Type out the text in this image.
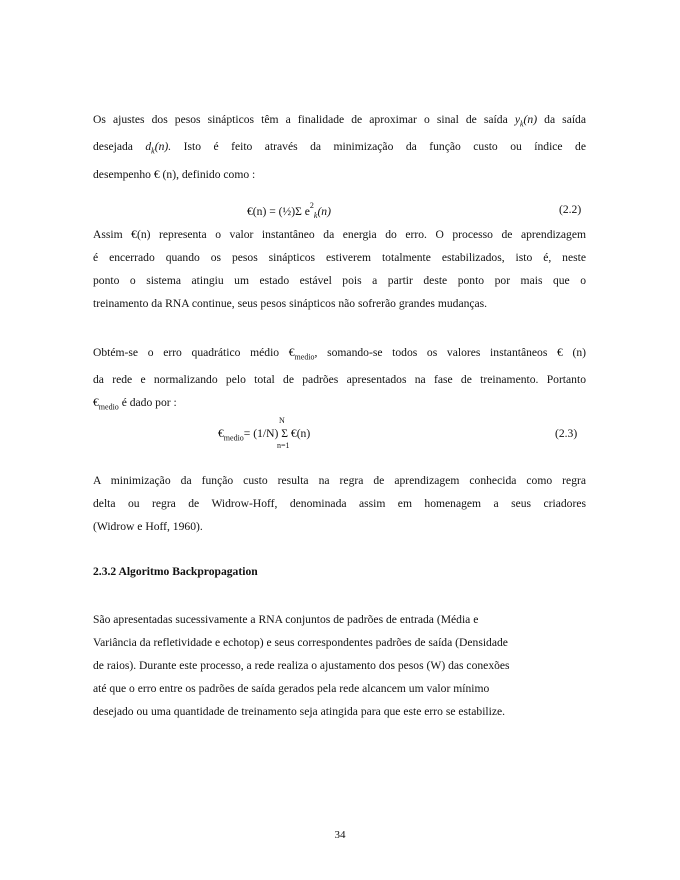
Os ajustes dos pesos sinápticos têm a finalidade de aproximar o sinal de saída $y_k(n)$ da saída
desejada $d_k(n)$. Isto é feito através da minimização da função custo ou índice de
desempenho € (n), definido como :
€(n) = (½)Σ $e^2_k(n)$	(2.2)
Assim €(n) representa o valor instantâneo da energia do erro. O processo de aprendizagem
é encerrado quando os pesos sinápticos estiverem totalmente estabilizados, isto é, neste
ponto o sistema atingiu um estado estável pois a partir deste ponto por mais que o
treinamento da RNA continue, seus pesos sinápticos não sofrerão grandes mudanças.
Obtém-se o erro quadrático médio $€_{medio}$, somando-se todos os valores instantâneos € (n)
da rede e normalizando pelo total de padrões apresentados na fase de treinamento. Portanto
$€_{medio}$ é dado por :
N
$€_{medio}= (1/N)$ Σ €(n)
n=1
(2.3)
A minimização da função custo resulta na regra de aprendizagem conhecida como regra
delta ou regra de Widrow-Hoff, denominada assim em homenagem a seus criadores
(Widrow e Hoff, 1960).
2.3.2 Algoritmo Backpropagation
São apresentadas sucessivamente a RNA conjuntos de padrões de entrada (Média e
Variância da refletividade e echotop) e seus correspondentes padrões de saída (Densidade
de raios). Durante este processo, a rede realiza o ajustamento dos pesos (W) das conexões
até que o erro entre os padrões de saída gerados pela rede alcancem um valor mínimo
desejado ou uma quantidade de treinamento seja atingida para que este erro se estabilize.
34
